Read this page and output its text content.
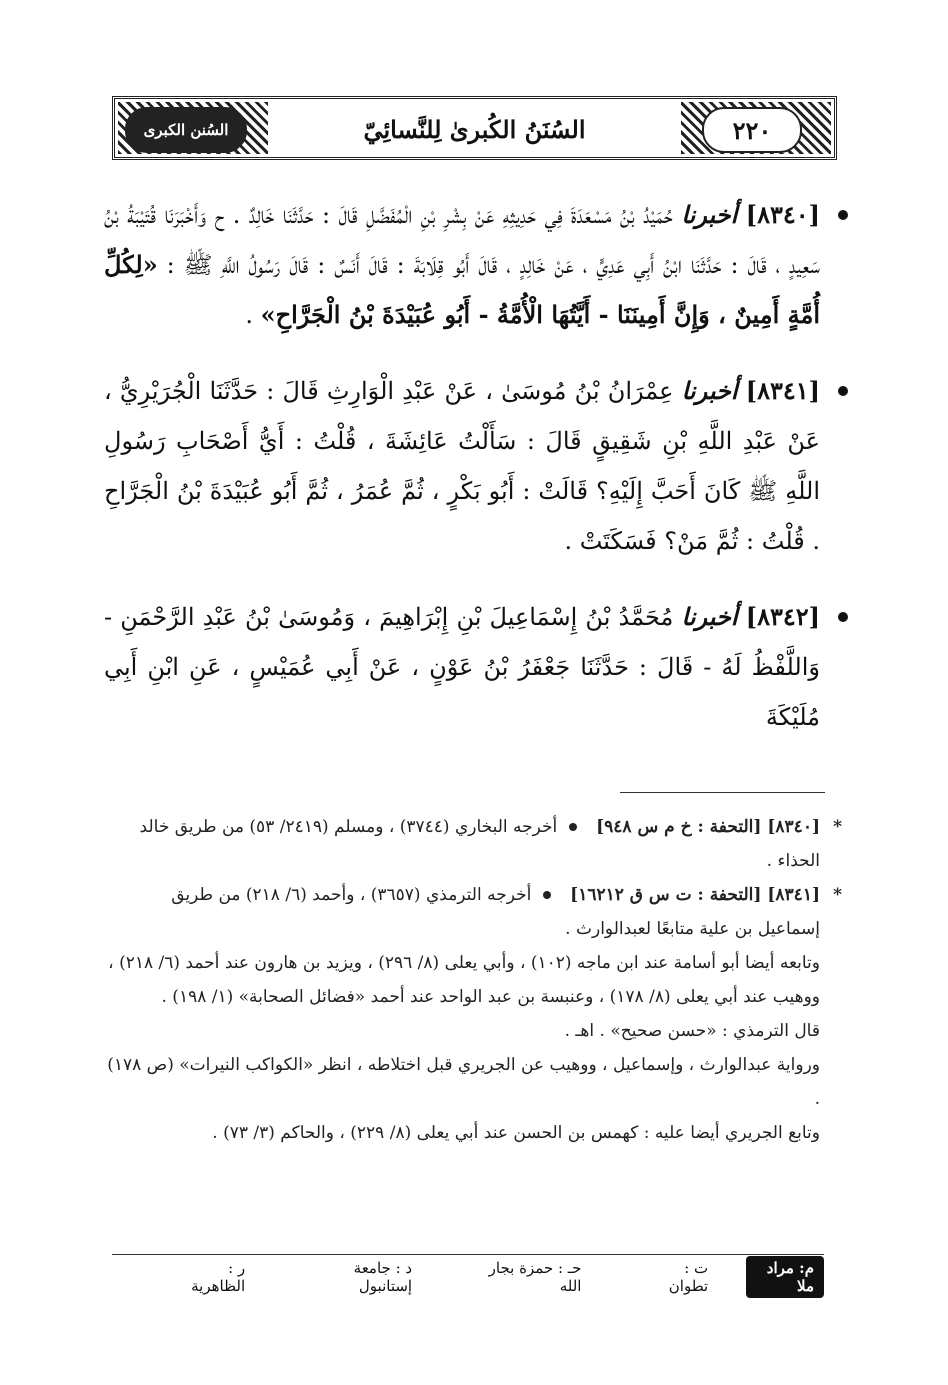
السُنن الكبرى	السُنَنُ الكُبرىٰ لِلنَّسائِيّ	٢٢٠

[٨٣٤٠] أخبرنا حُمَيْدُ بْنُ مَسْعَدَةَ فِي حَدِيثِهِ عَنْ بِشْرِ بْنِ الْمُفَضَّلِ قَالَ : حَدَّثَنَا خَالِدٌ . ح وَأَخْبَرَنَا قُتَيْبَةُ بْنُ سَعِيدٍ ، قَالَ : حَدَّثَنَا ابْنُ أَبِي عَدِيٍّ ، عَنْ خَالِدٍ ، قَالَ أَبُو قِلَابَةَ : قَالَ أَنَسٌ : قَالَ رَسُولُ اللَّهِ ﷺ : «لِكُلِّ أُمَّةٍ أَمِينٌ ، وَإِنَّ أَمِينَنَا - أَيَّتُهَا الْأُمَّةُ - أَبُو عُبَيْدَةَ بْنُ الْجَرَّاحِ» .

[٨٣٤١] أخبرنا عِمْرَانُ بْنُ مُوسَىٰ ، عَنْ عَبْدِ الْوَارِثِ قَالَ : حَدَّثَنَا الْجُرَيْرِيُّ ، عَنْ عَبْدِ اللَّهِ بْنِ شَقِيقٍ قَالَ : سَأَلْتُ عَائِشَةَ ، قُلْتُ : أَيُّ أَصْحَابِ رَسُولِ اللَّهِ ﷺ كَانَ أَحَبَّ إِلَيْهِ؟ قَالَتْ : أَبُو بَكْرٍ ، ثُمَّ عُمَرُ ، ثُمَّ أَبُو عُبَيْدَةَ بْنُ الْجَرَّاحِ . قُلْتُ : ثُمَّ مَنْ؟ فَسَكَتَتْ .

[٨٣٤٢] أخبرنا مُحَمَّدُ بْنُ إِسْمَاعِيلَ بْنِ إِبْرَاهِيمَ ، وَمُوسَىٰ بْنُ عَبْدِ الرَّحْمَنِ - وَاللَّفْظُ لَهُ - قَالَ : حَدَّثَنَا جَعْفَرُ بْنُ عَوْنٍ ، عَنْ أَبِي عُمَيْسٍ ، عَنِ ابْنِ أَبِي مُلَيْكَةَ

*
[٨٣٤٠] [التحفة : خ م س ٩٤٨]  أخرجه البخاري (٣٧٤٤) ، ومسلم (٢٤١٩/ ٥٣) من طريق خالد الحذاء .

*
[٨٣٤١] [التحفة : ت س ق ١٦٢١٢]  أخرجه الترمذي (٣٦٥٧) ، وأحمد (٦/ ٢١٨) من طريق إسماعيل بن علية متابعًا لعبدالوارث .

وتابعه أيضا أبو أسامة عند ابن ماجه (١٠٢) ، وأبي يعلى (٨/ ٢٩٦) ، ويزيد بن هارون عند أحمد (٦/ ٢١٨) ، ووهيب عند أبي يعلى (٨/ ١٧٨) ، وعنبسة بن عبد الواحد عند أحمد «فضائل الصحابة» (١/ ١٩٨) .

قال الترمذي : «حسن صحيح» . اهـ .

ورواية عبدالوارث ، وإسماعيل ، ووهيب عن الجريري قبل اختلاطه ، انظر «الكواكب النيرات» (ص ١٧٨) .

وتابع الجريري أيضا عليه : كهمس بن الحسن عند أبي يعلى (٨/ ٢٢٩) ، والحاكم (٣/ ٧٣) .

م: مراد ملا
ت : تطوان
حـ : حمزة بجار الله
د : جامعة إستانبول
ر : الظاهرية
